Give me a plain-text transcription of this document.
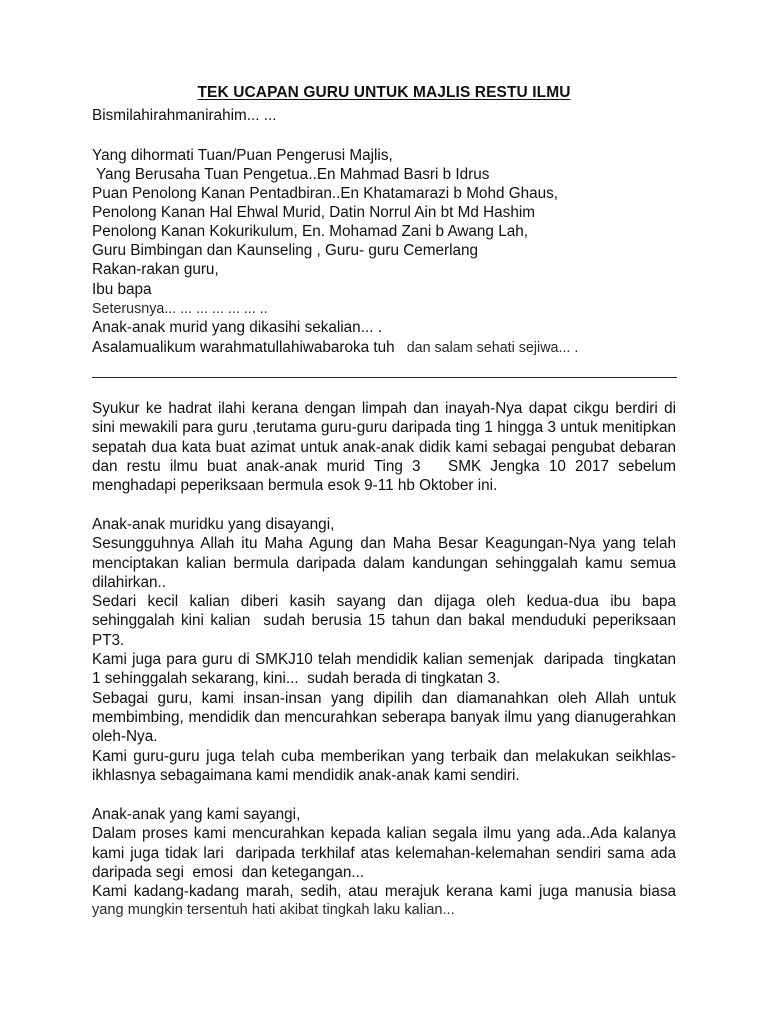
TEK UCAPAN GURU UNTUK MAJLIS RESTU ILMU
Bismilahirahmanirahim... ...
Yang dihormati Tuan/Puan Pengerusi Majlis,
Yang Berusaha Tuan Pengetua..En Mahmad Basri b Idrus
Puan Penolong Kanan Pentadbiran..En Khatamarazi b Mohd Ghaus,
Penolong Kanan Hal Ehwal Murid, Datin Norrul Ain bt Md Hashim
Penolong Kanan Kokurikulum, En. Mohamad Zani b Awang Lah,
Guru Bimbingan dan Kaunseling , Guru- guru Cemerlang
Rakan-rakan guru,
Ibu bapa
Seterusnya... ... ... ... ... ... ..
Anak-anak murid yang dikasihi sekalian... .
Asalamualikum warahmatullahiwabaroka tuh dan salam sehati sejiwa... .
Syukur ke hadrat ilahi kerana dengan limpah dan inayah-Nya dapat cikgu berdiri di
sini mewakili para guru ,terutama guru-guru daripada ting 1 hingga 3 untuk menitipkan
sepatah dua kata buat azimat untuk anak-anak didik kami sebagai pengubat debaran
dan restu ilmu buat anak-anak murid Ting 3   SMK Jengka 10 2017 sebelum
menghadapi peperiksaan bermula esok 9-11 hb Oktober ini.
Anak-anak muridku yang disayangi,
Sesungguhnya Allah itu Maha Agung dan Maha Besar Keagungan-Nya yang telah
menciptakan kalian bermula daripada dalam kandungan sehinggalah kamu semua
dilahirkan..
Sedari kecil kalian diberi kasih sayang dan dijaga oleh kedua-dua ibu bapa
sehinggalah kini kalian  sudah berusia 15 tahun dan bakal menduduki peperiksaan
PT3.
Kami juga para guru di SMKJ10 telah mendidik kalian semenjak  daripada  tingkatan
1 sehinggalah sekarang, kini...  sudah berada di tingkatan 3.
Sebagai guru, kami insan-insan yang dipilih dan diamanahkan oleh Allah untuk
membimbing, mendidik dan mencurahkan seberapa banyak ilmu yang dianugerahkan
oleh-Nya.
Kami guru-guru juga telah cuba memberikan yang terbaik dan melakukan seikhlas-
ikhlasnya sebagaimana kami mendidik anak-anak kami sendiri.
Anak-anak yang kami sayangi,
Dalam proses kami mencurahkan kepada kalian segala ilmu yang ada..Ada kalanya
kami juga tidak lari  daripada terkhilaf atas kelemahan-kelemahan sendiri sama ada
daripada segi  emosi  dan ketegangan...
Kami kadang-kadang marah, sedih, atau merajuk kerana kami juga manusia biasa
yang mungkin tersentuh hati akibat tingkah laku kalian...
